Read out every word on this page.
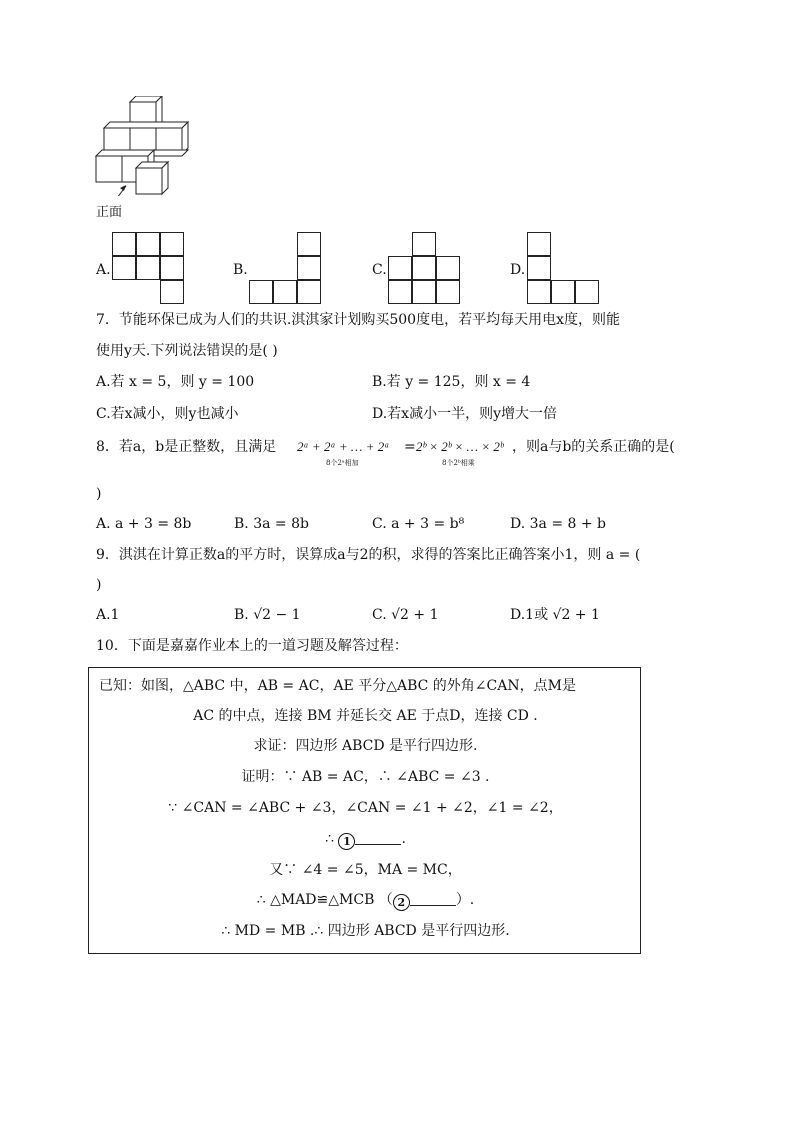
正面
A.	B.	C.	D.
7．节能环保已成为人们的共识.淇淇家计划购买500度电，若平均每天用电x度，则能
使用y天.下列说法错误的是( )
A.若 x = 5，则 y = 100	B.若 y = 125，则 x = 4
C.若x减小，则y也减小	D.若x减小一半，则y增大一倍
8．若a，b是正整数，且满足 2ᵃ + 2ᵃ + … + 2ᵃ
8个2ᵃ相加
= 2ᵇ × 2ᵇ × … × 2ᵇ
8个2ᵇ相乘
，则a与b的关系正确的是(
)
A. a + 3 = 8b	B. 3a = 8b	C. a + 3 = b⁸	D. 3a = 8 + b
9．淇淇在计算正数a的平方时，误算成a与2的积，求得的答案比正确答案小1，则 a = (
)
A.1	B. √2 − 1	C. √2 + 1	D.1或 √2 + 1
10．下面是嘉嘉作业本上的一道习题及解答过程：
已知：如图，△ABC 中，AB = AC，AE 平分△ABC 的外角∠CAN，点M是
AC 的中点，连接 BM 并延长交 AE 于点D，连接 CD .
求证：四边形 ABCD 是平行四边形.
证明：∵ AB = AC，∴ ∠ABC = ∠3 .
∵ ∠CAN = ∠ABC + ∠3，∠CAN = ∠1 + ∠2，∠1 = ∠2，
∴ 1	.
又∵ ∠4 = ∠5，MA = MC，
∴ △MAD≌△MCB （ 2	）.
∴ MD = MB .∴ 四边形 ABCD 是平行四边形.
